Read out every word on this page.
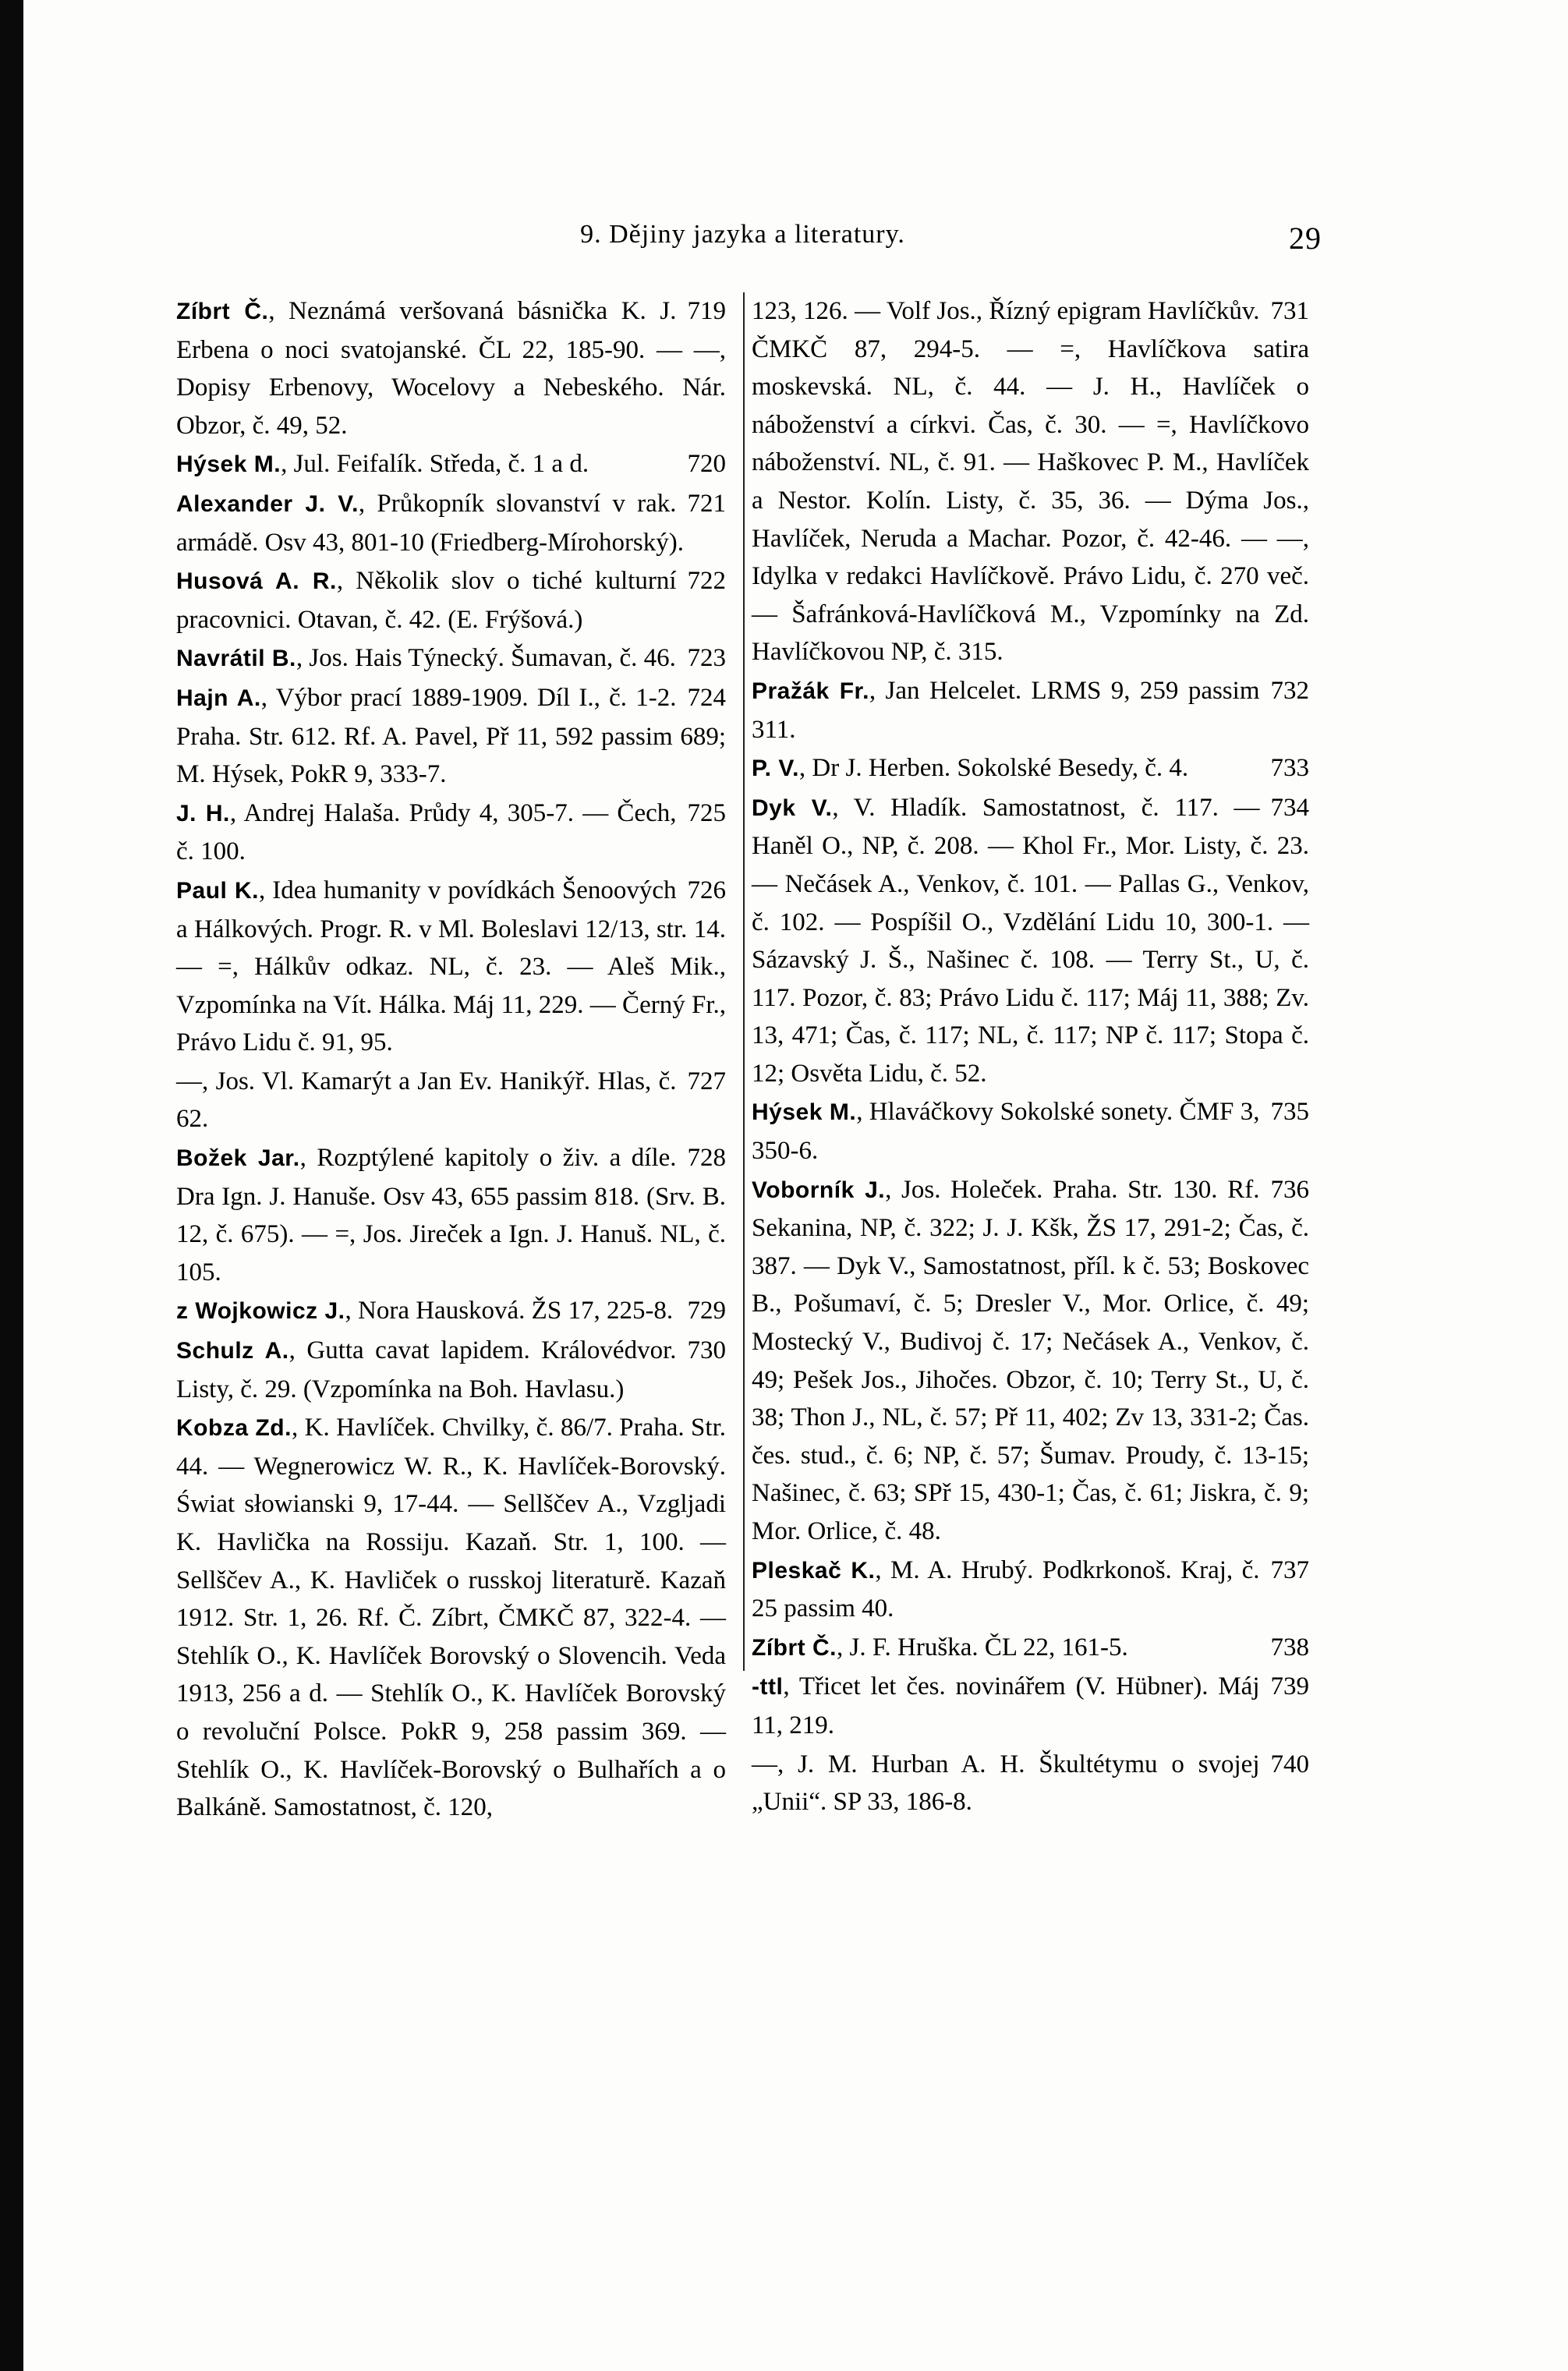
9. Dějiny jazyka a literatury.	29
719
Zíbrt Č., Neznámá veršovaná básnička K. J. Erbena o noci svatojanské. ČL 22, 185-90. — —, Dopisy Erbenovy, Wocelovy a Nebeského. Nár. Obzor, č. 49, 52.
720
Hýsek M., Jul. Feifalík. Středa, č. 1 a d.
721
Alexander J. V., Průkopník slovanství v rak. armádě. Osv 43, 801-10 (Friedberg-Mírohorský).
722
Husová A. R., Několik slov o tiché kulturní pracovnici. Otavan, č. 42. (E. Frýšová.)
723
Navrátil B., Jos. Hais Týnecký. Šumavan, č. 46.
724
Hajn A., Výbor prací 1889-1909. Díl I., č. 1-2. Praha. Str. 612. Rf. A. Pavel, Př 11, 592 passim 689; M. Hýsek, PokR 9, 333-7.
725
J. H., Andrej Halaša. Průdy 4, 305-7. — Čech, č. 100.
726
Paul K., Idea humanity v povídkách Šenoových a Hálkových. Progr. R. v Ml. Boleslavi 12/13, str. 14. — =, Hálkův odkaz. NL, č. 23. — Aleš Mik., Vzpomínka na Vít. Hálka. Máj 11, 229. — Černý Fr., Právo Lidu č. 91, 95.
727
—, Jos. Vl. Kamarýt a Jan Ev. Hanikýř. Hlas, č. 62.
728
Božek Jar., Rozptýlené kapitoly o živ. a díle. Dra Ign. J. Hanuše. Osv 43, 655 passim 818. (Srv. B. 12, č. 675). — =, Jos. Jireček a Ign. J. Hanuš. NL, č. 105.
729
z Wojkowicz J., Nora Hausková. ŽS 17, 225-8.
730
Schulz A., Gutta cavat lapidem. Královédvor. Listy, č. 29. (Vzpomínka na Boh. Havlasu.)
Kobza Zd., K. Havlíček. Chvilky, č. 86/7. Praha. Str. 44. — Wegnerowicz W. R., K. Havlíček-Borovský. Świat słowianski 9, 17-44. — Sellščev A., Vzgljadi K. Havlička na Rossiju. Kazaň. Str. 1, 100. — Sellščev A., K. Havliček o russkoj literaturě. Kazaň 1912. Str. 1, 26. Rf. Č. Zíbrt, ČMKČ 87, 322-4. — Stehlík O., K. Havlíček Borovský o Slovencih. Veda 1913, 256 a d. — Stehlík O., K. Havlíček Borovský o revoluční Polsce. PokR 9, 258 passim 369. — Stehlík O., K. Havlíček-Borovský o Bulhařích a o Balkáně. Samostatnost, č. 120,
731
123, 126. — Volf Jos., Řízný epigram Havlíčkův. ČMKČ 87, 294-5. — =, Havlíčkova satira moskevská. NL, č. 44. — J. H., Havlíček o náboženství a církvi. Čas, č. 30. — =, Havlíčkovo náboženství. NL, č. 91. — Haškovec P. M., Havlíček a Nestor. Kolín. Listy, č. 35, 36. — Dýma Jos., Havlíček, Neruda a Machar. Pozor, č. 42-46. — —, Idylka v redakci Havlíčkově. Právo Lidu, č. 270 več. — Šafránková-Havlíčková M., Vzpomínky na Zd. Havlíčkovou NP, č. 315.
732
Pražák Fr., Jan Helcelet. LRMS 9, 259 passim 311.
733
P. V., Dr J. Herben. Sokolské Besedy, č. 4.
734
Dyk V., V. Hladík. Samostatnost, č. 117. — Haněl O., NP, č. 208. — Khol Fr., Mor. Listy, č. 23. — Nečásek A., Venkov, č. 101. — Pallas G., Venkov, č. 102. — Pospíšil O., Vzdělání Lidu 10, 300-1. — Sázavský J. Š., Našinec č. 108. — Terry St., U, č. 117. Pozor, č. 83; Právo Lidu č. 117; Máj 11, 388; Zv. 13, 471; Čas, č. 117; NL, č. 117; NP č. 117; Stopa č. 12; Osvěta Lidu, č. 52.
735
Hýsek M., Hlaváčkovy Sokolské sonety. ČMF 3, 350-6.
736
Voborník J., Jos. Holeček. Praha. Str. 130. Rf. Sekanina, NP, č. 322; J. J. Kšk, ŽS 17, 291-2; Čas, č. 387. — Dyk V., Samostatnost, příl. k č. 53; Boskovec B., Pošumaví, č. 5; Dresler V., Mor. Orlice, č. 49; Mostecký V., Budivoj č. 17; Nečásek A., Venkov, č. 49; Pešek Jos., Jihočes. Obzor, č. 10; Terry St., U, č. 38; Thon J., NL, č. 57; Př 11, 402; Zv 13, 331-2; Čas. čes. stud., č. 6; NP, č. 57; Šumav. Proudy, č. 13-15; Našinec, č. 63; SPř 15, 430-1; Čas, č. 61; Jiskra, č. 9; Mor. Orlice, č. 48.
737
Pleskač K., M. A. Hrubý. Podkrkonoš. Kraj, č. 25 passim 40.
738
Zíbrt Č., J. F. Hruška. ČL 22, 161-5.
739
-ttl, Třicet let čes. novinářem (V. Hübner). Máj 11, 219.
740
—, J. M. Hurban A. H. Škultétymu o svojej „Unii“. SP 33, 186-8.
